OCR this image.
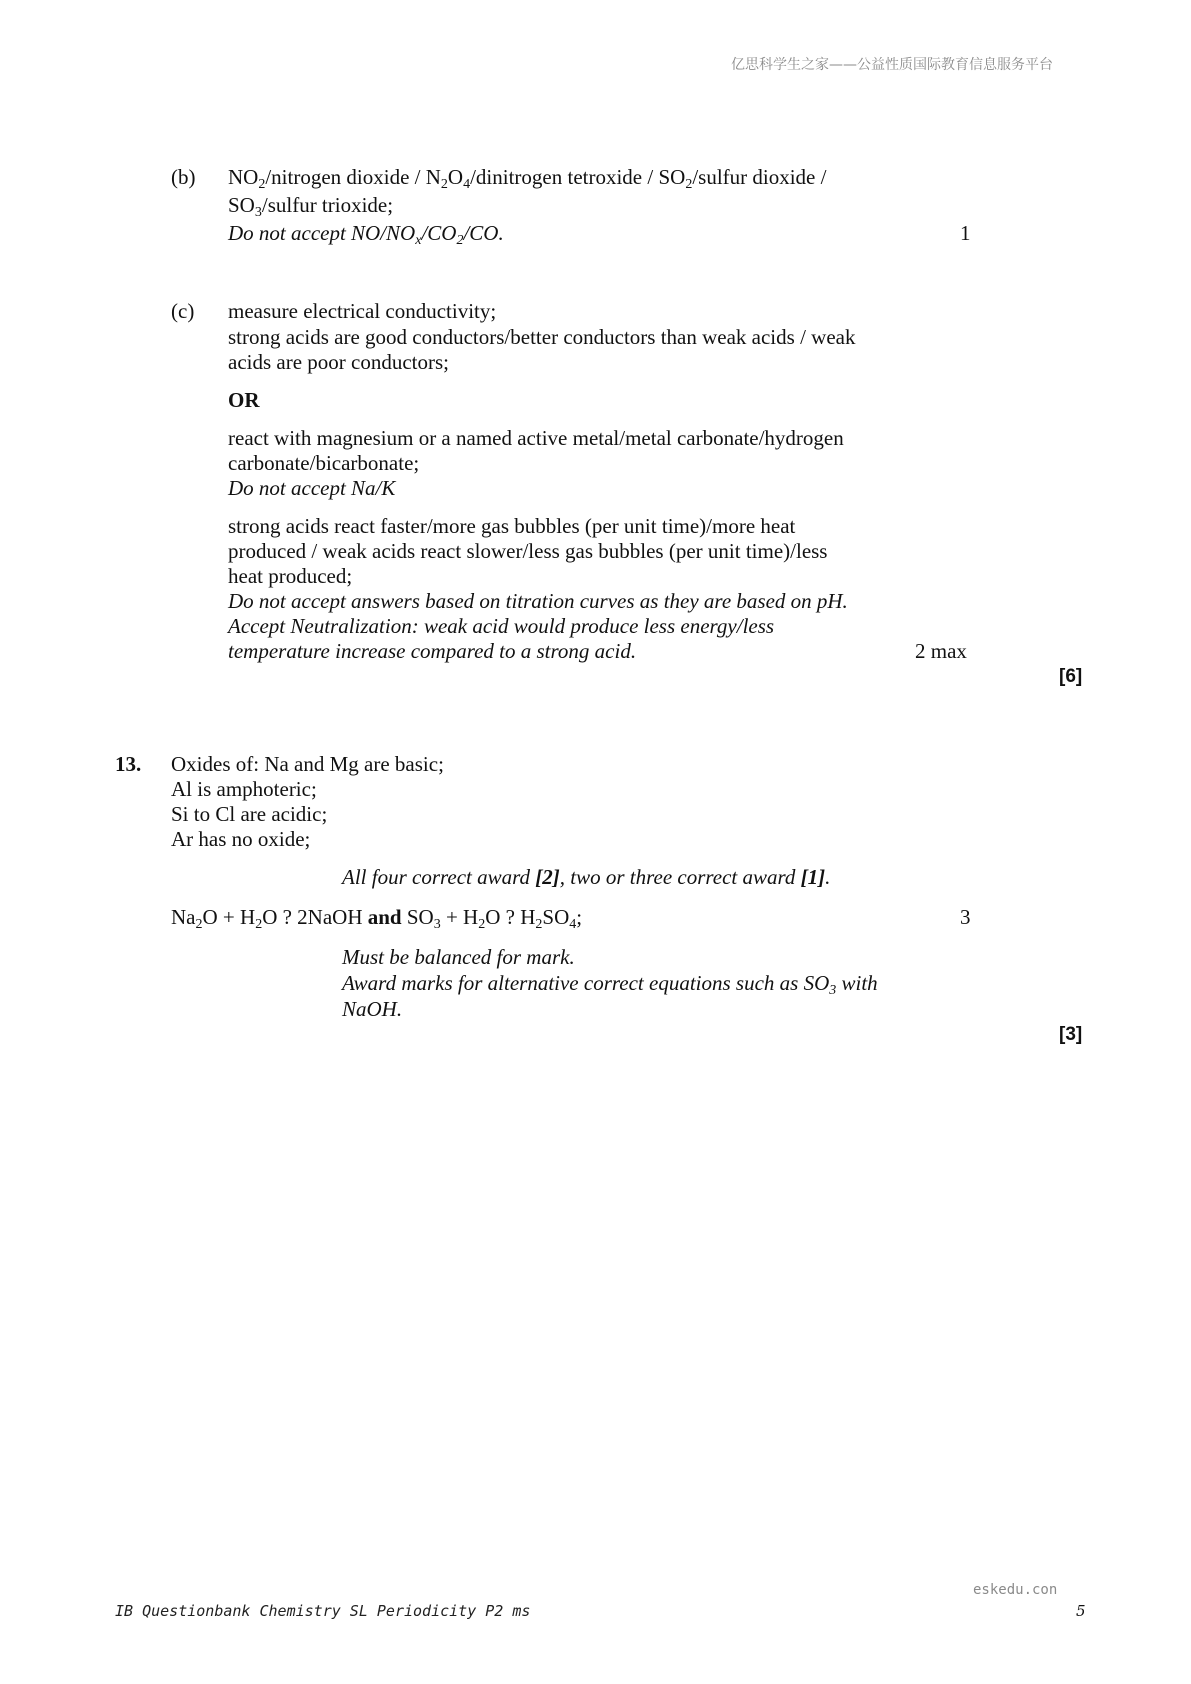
亿思科学生之家——公益性质国际教育信息服务平台
(b) $NO_2$/nitrogen dioxide / $N_2O_4$/dinitrogen tetroxide / $SO_2$/sulfur dioxide /
$SO_3$/sulfur trioxide;
Do not accept $NO/NO_x/CO_2/CO$.	1
(c) measure electrical conductivity;
strong acids are good conductors/better conductors than weak acids / weak
acids are poor conductors;
OR
react with magnesium or a named active metal/metal carbonate/hydrogen
carbonate/bicarbonate;
Do not accept Na/K
strong acids react faster/more gas bubbles (per unit time)/more heat
produced / weak acids react slower/less gas bubbles (per unit time)/less
heat produced;
Do not accept answers based on titration curves as they are based on pH.
Accept Neutralization: weak acid would produce less energy/less
temperature increase compared to a strong acid.	2 max
[6]
13. Oxides of: Na and Mg are basic;
Al is amphoteric;
Si to Cl are acidic;
Ar has no oxide;
All four correct award [2], two or three correct award [1].
$Na_2O + H_2O$ ? 2NaOH and $SO_3 + H_2O$ ? $H_2SO_4$;	3
Must be balanced for mark.
Award marks for alternative correct equations such as $SO_3$ with
NaOH.
[3]
eskedu.con
IB Questionbank Chemistry SL Periodicity P2 ms	5
